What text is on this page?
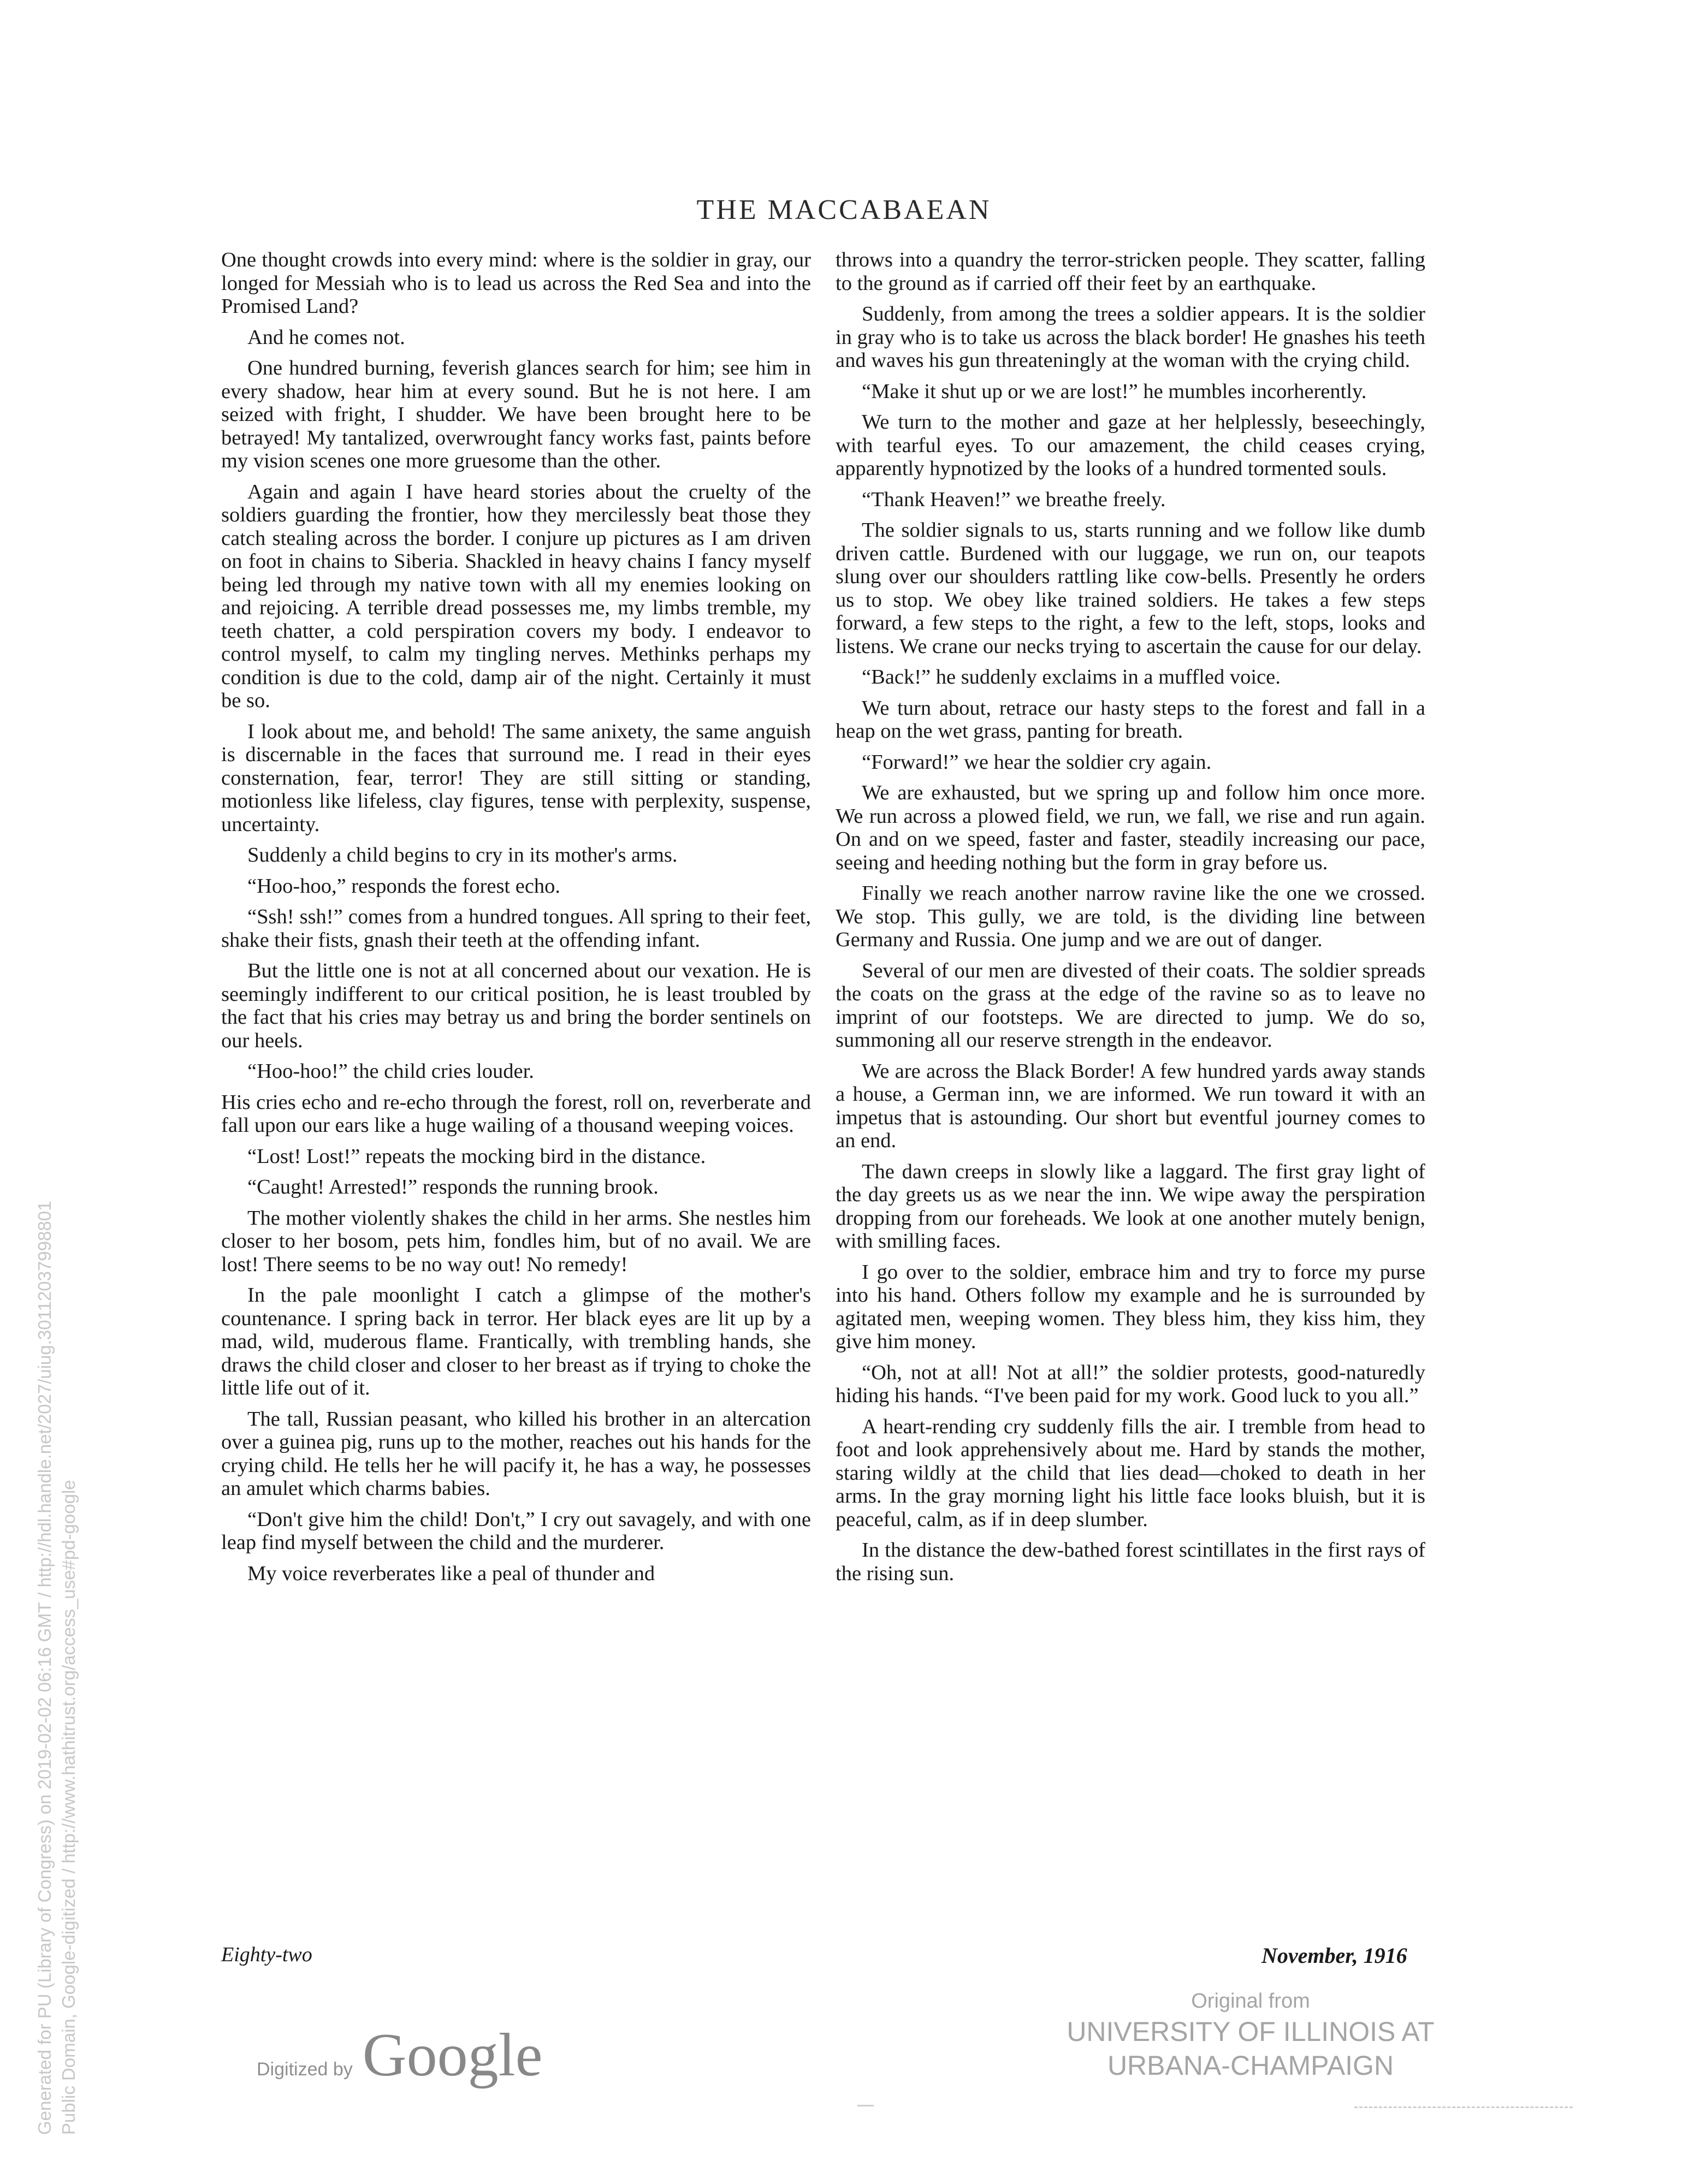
THE MACCABAEAN

One thought crowds into every mind: where is the soldier in gray, our longed for Messiah who is to lead us across the Red Sea and into the Promised Land?

And he comes not.

One hundred burning, feverish glances search for him; see him in every shadow, hear him at every sound. But he is not here. I am seized with fright, I shudder. We have been brought here to be betrayed! My tantalized, overwrought fancy works fast, paints before my vision scenes one more gruesome than the other.

Again and again I have heard stories about the cruelty of the soldiers guarding the frontier, how they mercilessly beat those they catch stealing across the border. I conjure up pictures as I am driven on foot in chains to Siberia. Shackled in heavy chains I fancy myself being led through my native town with all my enemies looking on and rejoicing. A terrible dread possesses me, my limbs tremble, my teeth chatter, a cold perspiration covers my body. I endeavor to control myself, to calm my tingling nerves. Methinks perhaps my condition is due to the cold, damp air of the night. Certainly it must be so.

I look about me, and behold! The same anixety, the same anguish is discernable in the faces that surround me. I read in their eyes consternation, fear, terror! They are still sitting or standing, motionless like lifeless, clay figures, tense with perplexity, suspense, uncertainty.

Suddenly a child begins to cry in its mother's arms.

“Hoo-hoo,” responds the forest echo.

“Ssh! ssh!” comes from a hundred tongues. All spring to their feet, shake their fists, gnash their teeth at the offending infant.

But the little one is not at all concerned about our vexation. He is seemingly indifferent to our critical position, he is least troubled by the fact that his cries may betray us and bring the border sentinels on our heels.

“Hoo-hoo!” the child cries louder.

His cries echo and re-echo through the forest, roll on, reverberate and fall upon our ears like a huge wailing of a thousand weeping voices.

“Lost! Lost!” repeats the mocking bird in the distance.

“Caught! Arrested!” responds the running brook.

The mother violently shakes the child in her arms. She nestles him closer to her bosom, pets him, fondles him, but of no avail. We are lost! There seems to be no way out! No remedy!

In the pale moonlight I catch a glimpse of the mother's countenance. I spring back in terror. Her black eyes are lit up by a mad, wild, muderous flame. Frantically, with trembling hands, she draws the child closer and closer to her breast as if trying to choke the little life out of it.

The tall, Russian peasant, who killed his brother in an altercation over a guinea pig, runs up to the mother, reaches out his hands for the crying child. He tells her he will pacify it, he has a way, he possesses an amulet which charms babies.

“Don't give him the child! Don't,” I cry out savagely, and with one leap find myself between the child and the murderer.

My voice reverberates like a peal of thunder and

throws into a quandry the terror-stricken people. They scatter, falling to the ground as if carried off their feet by an earthquake.

Suddenly, from among the trees a soldier appears. It is the soldier in gray who is to take us across the black border! He gnashes his teeth and waves his gun threateningly at the woman with the crying child.

“Make it shut up or we are lost!” he mumbles incorherently.

We turn to the mother and gaze at her helplessly, beseechingly, with tearful eyes. To our amazement, the child ceases crying, apparently hypnotized by the looks of a hundred tormented souls.

“Thank Heaven!” we breathe freely.

The soldier signals to us, starts running and we follow like dumb driven cattle. Burdened with our luggage, we run on, our teapots slung over our shoulders rattling like cow-bells. Presently he orders us to stop. We obey like trained soldiers. He takes a few steps forward, a few steps to the right, a few to the left, stops, looks and listens. We crane our necks trying to ascertain the cause for our delay.

“Back!” he suddenly exclaims in a muffled voice.

We turn about, retrace our hasty steps to the forest and fall in a heap on the wet grass, panting for breath.

“Forward!” we hear the soldier cry again.

We are exhausted, but we spring up and follow him once more. We run across a plowed field, we run, we fall, we rise and run again. On and on we speed, faster and faster, steadily increasing our pace, seeing and heeding nothing but the form in gray before us.

Finally we reach another narrow ravine like the one we crossed. We stop. This gully, we are told, is the dividing line between Germany and Russia. One jump and we are out of danger.

Several of our men are divested of their coats. The soldier spreads the coats on the grass at the edge of the ravine so as to leave no imprint of our footsteps. We are directed to jump. We do so, summoning all our reserve strength in the endeavor.

We are across the Black Border! A few hundred yards away stands a house, a German inn, we are informed. We run toward it with an impetus that is astounding. Our short but eventful journey comes to an end.

The dawn creeps in slowly like a laggard. The first gray light of the day greets us as we near the inn. We wipe away the perspiration dropping from our foreheads. We look at one another mutely benign, with smilling faces.

I go over to the soldier, embrace him and try to force my purse into his hand. Others follow my example and he is surrounded by agitated men, weeping women. They bless him, they kiss him, they give him money.

“Oh, not at all! Not at all!” the soldier protests, good-naturedly hiding his hands. “I've been paid for my work. Good luck to you all.”

A heart-rending cry suddenly fills the air. I tremble from head to foot and look apprehensively about me. Hard by stands the mother, staring wildly at the child that lies dead—choked to death in her arms. In the gray morning light his little face looks bluish, but it is peaceful, calm, as if in deep slumber.

In the distance the dew-bathed forest scintillates in the first rays of the rising sun.

Eighty-two	November, 1916
Digitized by Google
Original from
UNIVERSITY OF ILLINOIS AT
URBANA-CHAMPAIGN
Generated for PU (Library of Congress) on 2019-02-02 06:16 GMT / http://hdl.handle.net/2027/uiug.30112037998801 Public Domain, Google-digitized / http://www.hathitrust.org/access_use#pd-google
